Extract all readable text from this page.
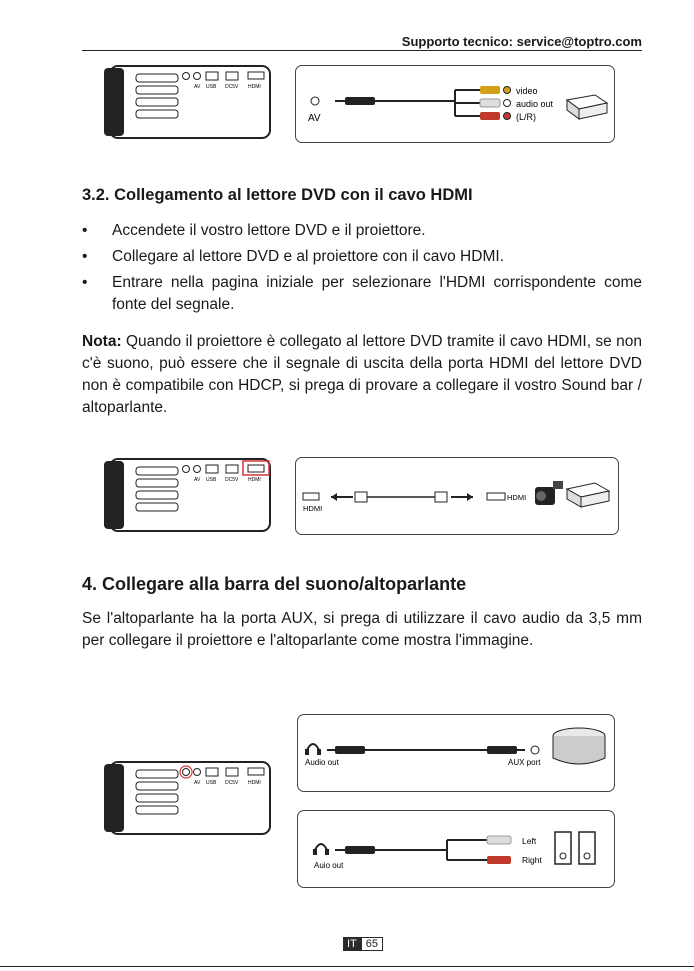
Supporto tecnico: service@toptro.com
AV USB DC5V HDMI
AV
video
audio out
(L/R)
3.2. Collegamento al lettore DVD con il cavo HDMI
• Accendete il vostro lettore DVD e il proiettore.
• Collegare al lettore DVD e al proiettore con il cavo HDMI.
• Entrare nella pagina iniziale per selezionare l'HDMI corrispondente come fonte del segnale.

Nota: Quando il proiettore è collegato al lettore DVD tramite il cavo HDMI, se non c'è suono, può essere che il segnale di uscita della porta HDMI del lettore DVD non è compatibile con HDCP, si prega di provare a collegare il vostro Sound bar / altoparlante.

AV USB DC5V HDMI
HDMI
HDMI
4. Collegare alla barra del suono/altoparlante

Se l'altoparlante ha la porta AUX, si prega di utilizzare il cavo audio da 3,5 mm per collegare il proiettore e l'altoparlante come mostra l'immagine.

AV USB DC5V HDMI
Audio out	AUX port
Left
Right
Auio out
IT 65
